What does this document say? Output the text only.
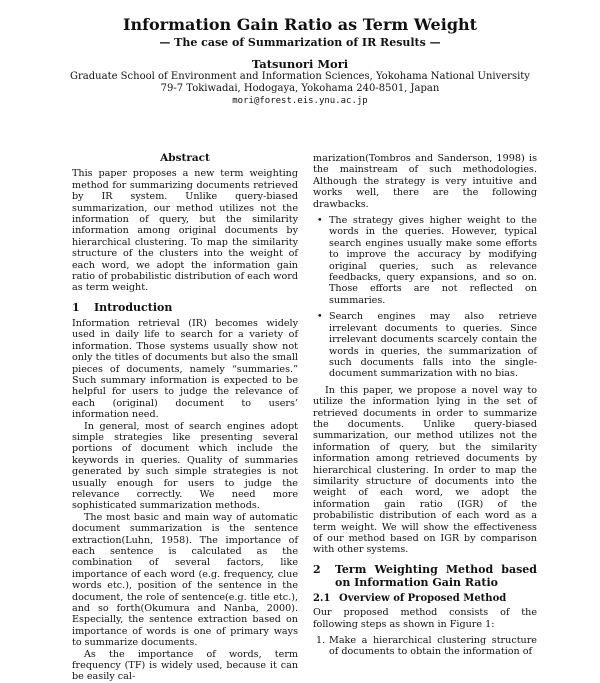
Information Gain Ratio as Term Weight
— The case of Summarization of IR Results —
Tatsunori Mori
Graduate School of Environment and Information Sciences, Yokohama National University
79-7 Tokiwadai, Hodogaya, Yokohama 240-8501, Japan
mori@forest.eis.ynu.ac.jp
Abstract

This paper proposes a new term weighting method for summarizing documents retrieved by IR system. Unlike query-biased summarization, our method utilizes not the information of query, but the similarity information among original documents by hierarchical clustering. To map the similarity structure of the clusters into the weight of each word, we adopt the information gain ratio of probabilistic distribution of each word as term weight.

1	Introduction

Information retrieval (IR) becomes widely used in daily life to search for a variety of information. Those systems usually show not only the titles of documents but also the small pieces of documents, namely “summaries.” Such summary information is expected to be helpful for users to judge the relevance of each (original) document to users’ information need.

In general, most of search engines adopt simple strategies like presenting several portions of document which include the keywords in queries. Quality of summaries generated by such simple strategies is not usually enough for users to judge the relevance correctly. We need more sophisticated summarization methods.

The most basic and main way of automatic document summarization is the sentence extraction(Luhn, 1958). The importance of each sentence is calculated as the combination of several factors, like importance of each word (e.g. frequency, clue words etc.), position of the sentence in the document, the role of sentence(e.g. title etc.), and so forth(Okumura and Nanba, 2000). Especially, the sentence extraction based on importance of words is one of primary ways to summarize documents.

As the importance of words, term frequency (TF) is widely used, because it can be easily cal-

marization(Tombros and Sanderson, 1998) is the mainstream of such methodologies. Although the strategy is very intuitive and works well, there are the following drawbacks.

• The strategy gives higher weight to the words in the queries. However, typical search engines usually make some efforts to improve the accuracy by modifying original queries, such as relevance feedbacks, query expansions, and so on. Those efforts are not reflected on summaries.
• Search engines may also retrieve irrelevant documents to queries. Since irrelevant documents scarcely contain the words in queries, the summarization of such documents falls into the single-document summarization with no bias.

In this paper, we propose a novel way to utilize the information lying in the set of retrieved documents in order to summarize the documents. Unlike query-biased summarization, our method utilizes not the information of query, but the similarity information among retrieved documents by hierarchical clustering. In order to map the similarity structure of documents into the weight of each word, we adopt the information gain ratio (IGR) of the probabilistic distribution of each word as a term weight. We will show the effectiveness of our method based on IGR by comparison with other systems.

2	Term Weighting Method based on Information Gain Ratio
2.1 Overview of Proposed Method

Our proposed method consists of the following steps as shown in Figure 1:

1. Make a hierarchical clustering structure of documents to obtain the information of
